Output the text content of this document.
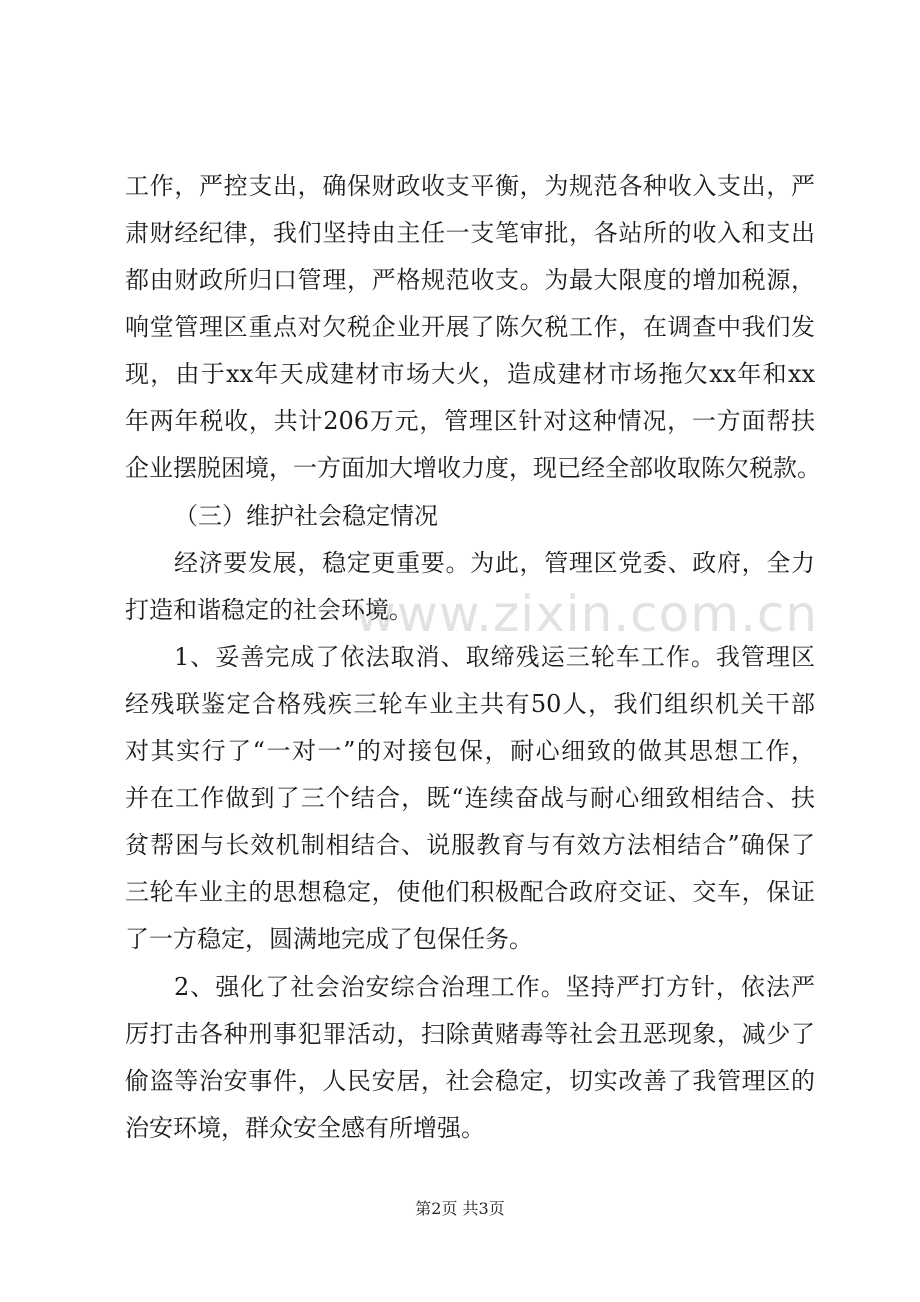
www.zixin.com.cn
工作，严控支出，确保财政收支平衡，为规范各种收入支出，严
肃财经纪律，我们坚持由主任一支笔审批，各站所的收入和支出
都由财政所归口管理，严格规范收支。为最大限度的增加税源，
响堂管理区重点对欠税企业开展了陈欠税工作，在调查中我们发
现，由于xx年天成建材市场大火，造成建材市场拖欠xx年和xx
年两年税收，共计206万元，管理区针对这种情况，一方面帮扶
企业摆脱困境，一方面加大增收力度，现已经全部收取陈欠税款。
（三）维护社会稳定情况
经济要发展，稳定更重要。为此，管理区党委、政府，全力
打造和谐稳定的社会环境。
1、妥善完成了依法取消、取缔残运三轮车工作。我管理区
经残联鉴定合格残疾三轮车业主共有50人，我们组织机关干部
对其实行了“一对一”的对接包保，耐心细致的做其思想工作，
并在工作做到了三个结合，既“连续奋战与耐心细致相结合、扶
贫帮困与长效机制相结合、说服教育与有效方法相结合”确保了
三轮车业主的思想稳定，使他们积极配合政府交证、交车，保证
了一方稳定，圆满地完成了包保任务。
2、强化了社会治安综合治理工作。坚持严打方针，依法严
厉打击各种刑事犯罪活动，扫除黄赌毒等社会丑恶现象，减少了
偷盗等治安事件，人民安居，社会稳定，切实改善了我管理区的
治安环境，群众安全感有所增强。
第2页 共3页
